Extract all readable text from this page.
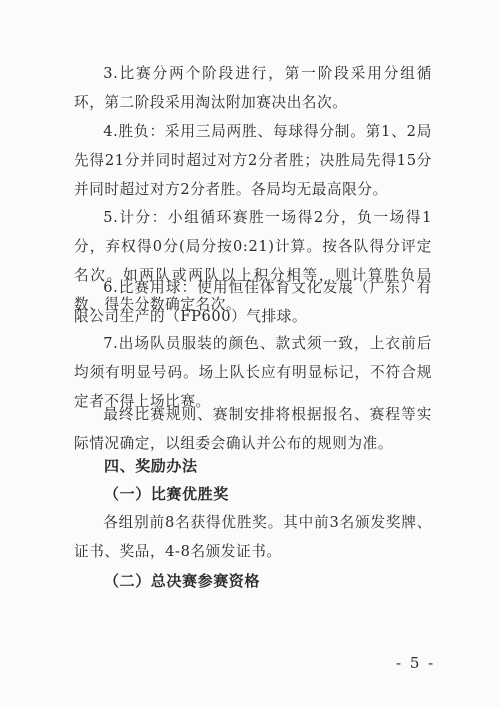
3.比赛分两个阶段进行，第一阶段采用分组循环，第二阶段采用淘汰附加赛决出名次。

4.胜负：采用三局两胜、每球得分制。第1、2局先得21分并同时超过对方2分者胜；决胜局先得15分并同时超过对方2分者胜。各局均无最高限分。

5.计分：小组循环赛胜一场得2分，负一场得1分，弃权得0分(局分按0:21)计算。按各队得分评定名次。如两队或两队以上积分相等，则计算胜负局数、得失分数确定名次。

6.比赛用球：使用恒佳体育文化发展（广东）有限公司生产的（FP600）气排球。

7.出场队员服装的颜色、款式须一致，上衣前后均须有明显号码。场上队长应有明显标记，不符合规定者不得上场比赛。

最终比赛规则、赛制安排将根据报名、赛程等实际情况确定，以组委会确认并公布的规则为准。

四、奖励办法
（一）比赛优胜奖

各组别前8名获得优胜奖。其中前3名颁发奖牌、证书、奖品，4-8名颁发证书。

（二）总决赛参赛资格
- 5 -
